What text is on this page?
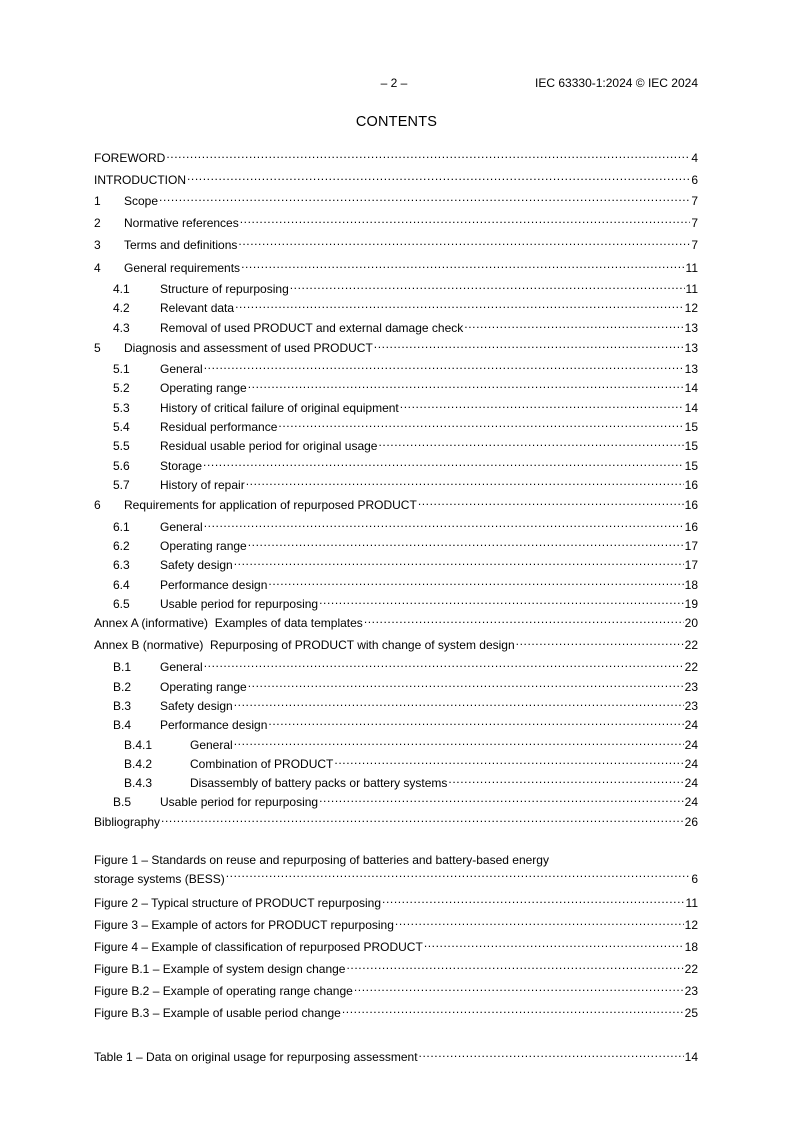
– 2 –	IEC 63330-1:2024 © IEC 2024
CONTENTS
FOREWORD .....	4
INTRODUCTION .....	6
1	Scope .....	7
2	Normative references .....	7
3	Terms and definitions .....	7
4	General requirements .....	11
4.1	Structure of repurposing .....	11
4.2	Relevant data .....	12
4.3	Removal of used PRODUCT and external damage check .....	13
5	Diagnosis and assessment of used PRODUCT .....	13
5.1	General .....	13
5.2	Operating range .....	14
5.3	History of critical failure of original equipment .....	14
5.4	Residual performance .....	15
5.5	Residual usable period for original usage .....	15
5.6	Storage .....	15
5.7	History of repair .....	16
6	Requirements for application of repurposed PRODUCT .....	16
6.1	General .....	16
6.2	Operating range .....	17
6.3	Safety design .....	17
6.4	Performance design .....	18
6.5	Usable period for repurposing .....	19
Annex A (informative)  Examples of data templates .....	20
Annex B (normative)  Repurposing of PRODUCT with change of system design .....	22
B.1	General .....	22
B.2	Operating range .....	23
B.3	Safety design .....	23
B.4	Performance design .....	24
B.4.1	General .....	24
B.4.2	Combination of PRODUCT .....	24
B.4.3	Disassembly of battery packs or battery systems .....	24
B.5	Usable period for repurposing .....	24
Bibliography .....	26
Figure 1 – Standards on reuse and repurposing of batteries and battery-based energy
storage systems (BESS) .....	6
Figure 2 – Typical structure of PRODUCT repurposing .....	11
Figure 3 – Example of actors for PRODUCT repurposing .....	12
Figure 4 – Example of classification of repurposed PRODUCT .....	18
Figure B.1 – Example of system design change .....	22
Figure B.2 – Example of operating range change .....	23
Figure B.3 – Example of usable period change .....	25
Table 1 – Data on original usage for repurposing assessment .....	14
